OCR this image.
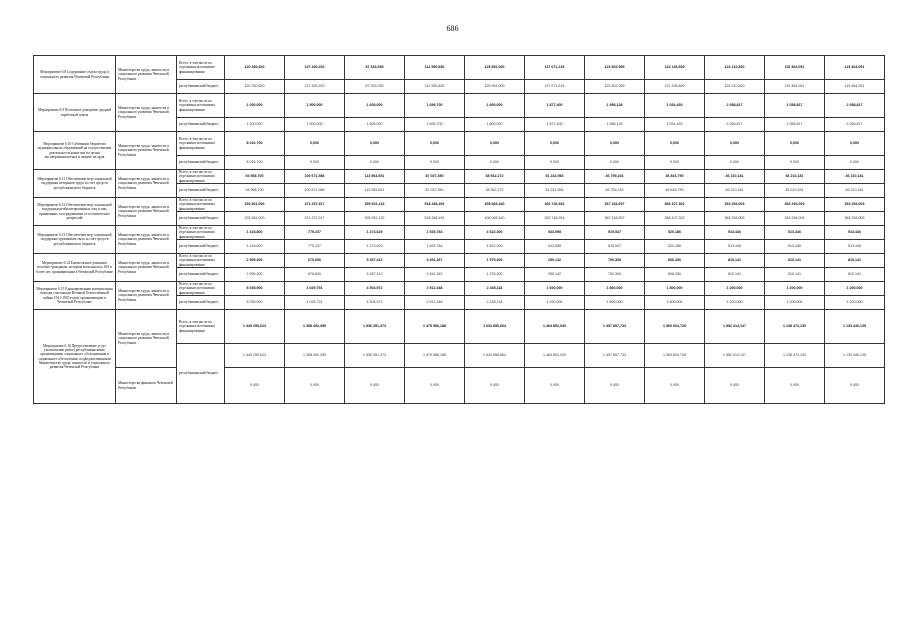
686
Мероприятие 6.8 Содержание отдела труда и социального развития Чеченской Республики	Министерство труда, занятости и социального развития Чеченской Республики	Всего, в том числе по отдельным источникам финансирования	120 330,620	137 430,202	87 333,035	112 950,830	125 591,000	117 071,215	123 502,999	122 136,609	124 210,820	115 464,051	115 464,051
		республиканский бюджет	120 330,620	137 430,202	87 333,035	112 950,830	125 591,000	117 071,215	123 502,999	122 136,609	124 210,820	115 464,051	115 464,051
Мероприятие 6.9 Поэтапное доведение средней заработной платы	Министерство труда, занятости и социального развития Чеченской Республики	Всего, в том числе по отдельным источникам финансирования	1 200,000	1 500,000	1 605,000	1 699,700	1 800,000	1 877,400	1 958,128	2 034,453	2 058,817	2 058,817	2 058,817
		республиканский бюджет	1 200,000	1 500,000	1 605,000	1 699,700	1 800,000	1 877,400	1 958,128	2 034,453	2 058,817	2 058,817	2 058,817
Мероприятие 6.10 Субвенции бюджетам муниципальных образований на осуществление деятельности комиссии по делам несовершеннолетних и защите их прав	Министерство труда, занятости и социального развития Чеченской Республики	Всего, в том числе по отдельным источникам финансирования	8 016,700	0,000	0,000	0,000	0,000	0,000	0,000	0,000	0,000	0,000	0,000
		республиканский бюджет	8 016,700	0,000	0,000	0,000	0,000	0,000	0,000	0,000	0,000	0,000	0,000
Мероприятие 6.11 Обеспечение мер социальной поддержки ветеранов труда за счет средств республиканского бюджета	Министерство труда, занятости и социального развития Чеченской Республики	Всего, в том числе по отдельным источникам финансирования	94 968,700	100 671,986	113 963,691	87 037,350	38 942,272	51 242,954	46 759,216	46 816,790	46 210,181	46 210,181	46 210,181
		республиканский бюджет	94 968,700	100 671,986	113 963,691	87 037,350	38 942,272	51 242,954	46 759,216	46 816,790	46 210,181	46 210,181	46 210,181
Мероприятие 6.12 Обеспечение мер социальной поддержки реабилитированных лиц и лиц, признанных пострадавшими от политических репрессий	Министерство труда, занятости и социального развития Чеченской Республики	Всего, в том числе по отдельным источникам финансирования	293 361,000	374 237,917	395 931,132	518 284,491	408 063,440	392 746,931	367 154,697	368 107,302	363 294,003	363 294,003	363 294,003
		республиканский бюджет	293 361,000	374 237,917	395 931,132	518 284,491	408 063,440	392 746,931	367 154,697	368 107,302	363 294,003	363 294,003	363 294,003
Мероприятие 6.13 Обеспечение мер социальной поддержки тружеников тыла за счет средств республиканского бюджета	Министерство труда, занятости и социального развития Чеченской Республики	Всего, в том числе по отдельным источникам финансирования	1 418,800	775,237	1 273,629	1 525,784	4 622,300	543,598	519,547	520,186	513,446	513,446	513,446
		республиканский бюджет	1 418,800	775,237	1 273,629	1 525,784	4 622,300	543,598	519,547	520,186	513,446	513,446	513,446
Мероприятие 6.14 Ежемесячное денежное пособие гражданам, которым исполнилось 100 и более лет, проживающим в Чеченской Республике	Министерство труда, занятости и социального развития Чеченской Республики	Всего, в том числе по отдельным источникам финансирования	2 995,300	676,690	5 287,412	3 451,367	1 975,300	250,142	790,305	806,280	810,141	810,141	810,141
		республиканский бюджет	2 995,300	676,690	5 287,412	3 451,367	1 975,300	250,142	790,305	806,280	810,141	810,141	810,141
Мероприятие 6.15 Единовременная материальная помощь участникам Великой Отечественной войны 1941-1945 годов, проживающим в Чеченской Республике	Министерство труда, занятости и социального развития Чеченской Республики	Всего, в том числе по отдельным источникам финансирования	8 035,900	4 029,791	4 504,972	2 912,348	2 435,118	1 920,000	1 800,000	1 800,000	1 200,000	1 200,000	1 200,000
		республиканский бюджет	8 035,900	4 029,791	4 504,972	2 912,348	2 435,118	1 920,000	1 800,000	1 800,000	1 200,000	1 200,000	1 200,000
Мероприятие 6.16 Предоставление услуг (выполнение работ) республиканскими организациями социального обслуживания и социального обеспечения, подведомственными Министерству труда, занятости и социального развития Чеченской Республики	Министерство труда, занятости и социального развития Чеченской Республики	Всего, в том числе по отдельным источникам финансирования	1 449 299,623	1 398 492,399	1 536 351,373	1 475 586,188	1 634 856,664	1 464 852,030	1 497 897,733	1 560 604,726	1 552 414,147	1 138 473,130	1 133 446,135
		республиканский бюджет	1 449 299,623	1 398 492,399	1 536 351,373	1 475 586,188	1 634 856,664	1 464 852,030	1 497 897,733	1 560 604,726	1 552 414,147	1 138 473,130	1 133 446,135
	Министерство финансов Чеченской Республики		0,000	0,000	0,000	0,000	0,000	0,000	0,000	0,000	0,000	0,000	0,000
